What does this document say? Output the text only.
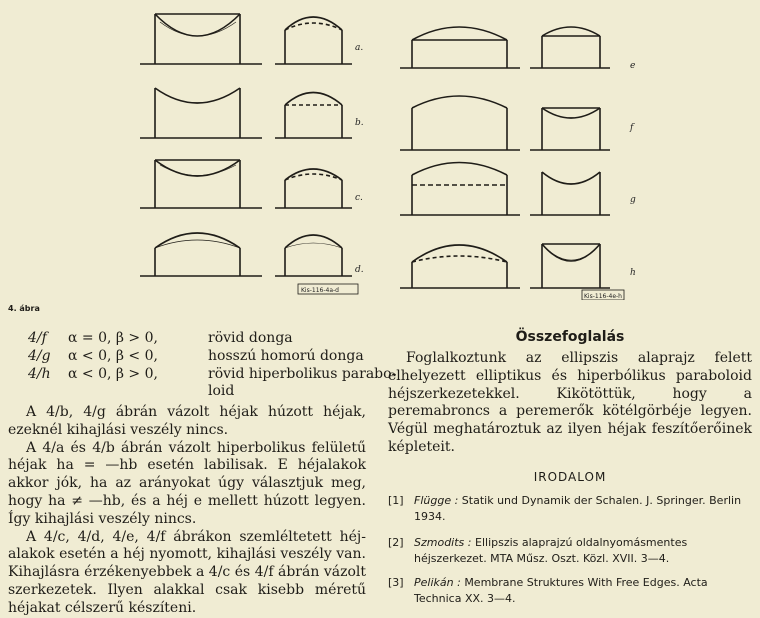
a.
b.
c.
d.
e
f
g
h
Kis-116-4a-d
Kis-116-4e-h
4. ábra
4/f α = 0, β > 0,	rövid donga
4/g α < 0, β < 0,	hosszú homorú donga
4/h α < 0, β > 0,	rövid hiperbolikus parabo-
loid

A 4/b, 4/g ábrán vázolt héjak húzott héjak, ezeknél kihajlási veszély nincs.

A 4/a és 4/b ábrán vázolt hiperbolikus felületű héjak ha = —hb esetén labilisak. E héjalakok akkor jók, ha az arányokat úgy választjuk meg, hogy ha ≠ —hb, és a héj e mellett húzott legyen. Így kihajlási veszély nincs.

A 4/c, 4/d, 4/e, 4/f ábrákon szemléltetett héj-alakok esetén a héj nyomott, kihajlási veszély van. Kihajlásra érzékenyebbek a 4/c és 4/f ábrán vázolt szerkezetek. Ilyen alakkal csak kisebb méretű héjakat célszerű készíteni.

Összefoglalás
Foglalkoztunk az ellipszis alaprajz felett elhelyezett elliptikus és hiperbólikus paraboloid héjszerkezetekkel. Kikötöttük, hogy a peremabroncs a peremerők kötélgörbéje legyen. Végül meghatároztuk az ilyen héjak feszítőerőinek képleteit.
IRODALOM
[1] Flügge : Statik und Dynamik der Schalen. J. Springer. Berlin 1934.
[2] Szmodits : Ellipszis alaprajzú oldalnyomásmentes héjszerkezet. MTA Műsz. Oszt. Közl. XVII. 3—4.
[3] Pelikán : Membrane Struktures With Free Edges. Acta Technica XX. 3—4.
